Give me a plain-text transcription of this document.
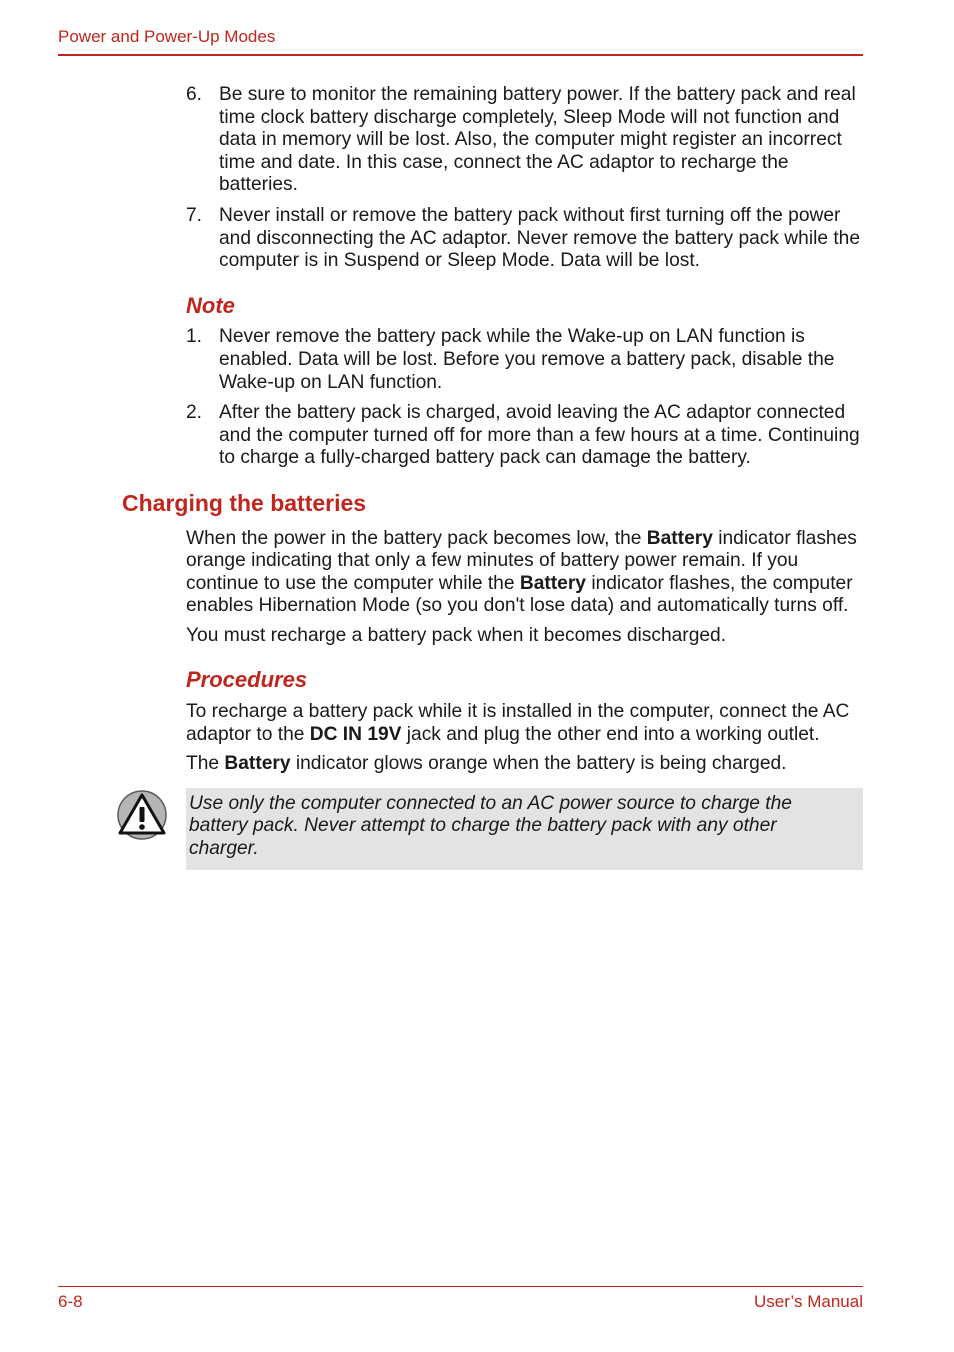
Power and Power-Up Modes
6. Be sure to monitor the remaining battery power. If the battery pack and real time clock battery discharge completely, Sleep Mode will not function and data in memory will be lost. Also, the computer might register an incorrect time and date. In this case, connect the AC adaptor to recharge the batteries.
7. Never install or remove the battery pack without first turning off the power and disconnecting the AC adaptor. Never remove the battery pack while the computer is in Suspend or Sleep Mode. Data will be lost.
Note
1. Never remove the battery pack while the Wake-up on LAN function is enabled. Data will be lost. Before you remove a battery pack, disable the Wake-up on LAN function.
2. After the battery pack is charged, avoid leaving the AC adaptor connected and the computer turned off for more than a few hours at a time. Continuing to charge a fully-charged battery pack can damage the battery.
Charging the batteries

When the power in the battery pack becomes low, the Battery indicator flashes orange indicating that only a few minutes of battery power remain. If you continue to use the computer while the Battery indicator flashes, the computer enables Hibernation Mode (so you don't lose data) and automatically turns off.

You must recharge a battery pack when it becomes discharged.

Procedures

To recharge a battery pack while it is installed in the computer, connect the AC adaptor to the DC IN 19V jack and plug the other end into a working outlet.

The Battery indicator glows orange when the battery is being charged.

Use only the computer connected to an AC power source to charge the battery pack. Never attempt to charge the battery pack with any other charger.
6-8	User’s Manual
